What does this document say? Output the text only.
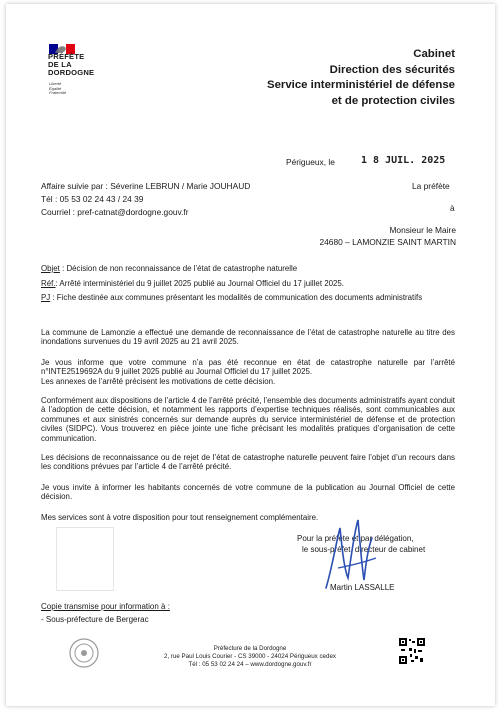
PRÉFÈTE
DE LA
DORDOGNE
Liberté
Égalité
Fraternité
Cabinet
Direction des sécurités
Service interministériel de défense
et de protection civiles
Périgueux, le	1 8 JUIL. 2025
Affaire suivie par : Séverine LEBRUN / Marie JOUHAUD
Tél : 05 53 02 24 43 / 24 39
Courriel : pref-catnat@dordogne.gouv.fr
La préfète
à
Monsieur le Maire
24680 – LAMONZIE SAINT MARTIN
Objet : Décision de non reconnaissance de l’état de catastrophe naturelle
Réf.: Arrêté interministériel du 9 juillet 2025 publié au Journal Officiel du 17 juillet 2025.
PJ : Fiche destinée aux communes présentant les modalités de communication des documents administratifs
La commune de Lamonzie a effectué une demande de reconnaissance de l’état de catastrophe naturelle au titre des inondations survenues du 19 avril 2025 au 21 avril 2025.
Je vous informe que votre commune n’a pas été reconnue en état de catastrophe naturelle par l’arrêté n°INTE2519692A du 9 juillet 2025 publié au Journal Officiel du 17 juillet 2025.
Les annexes de l’arrêté précisent les motivations de cette décision.
Conformément aux dispositions de l’article 4 de l’arrêté précité, l’ensemble des documents administratifs ayant conduit à l’adoption de cette décision, et notamment les rapports d’expertise techniques réalisés, sont communicables aux communes et aux sinistrés concernés sur demande auprès du service interministériel de défense et de protection civiles (SIDPC). Vous trouverez en pièce jointe une fiche précisant les modalités pratiques d’organisation de cette communication.
Les décisions de reconnaissance ou de rejet de l’état de catastrophe naturelle peuvent faire l’objet d’un recours dans les conditions prévues par l’article 4 de l’arrêté précité.
Je vous invite à informer les habitants concernés de votre commune de la publication au Journal Officiel de cette décision.
Mes services sont à votre disposition pour tout renseignement complémentaire.
Pour la préfète et par délégation,
le sous-préfet, directeur de cabinet
Martin LASSALLE
Copie transmise pour information à :
- Sous-préfecture de Bergerac
Préfecture de la Dordogne
2, rue Paul Louis Courier - CS 39000 - 24024 Périgueux cedex
Tél : 05 53 02 24 24 – www.dordogne.gouv.fr
